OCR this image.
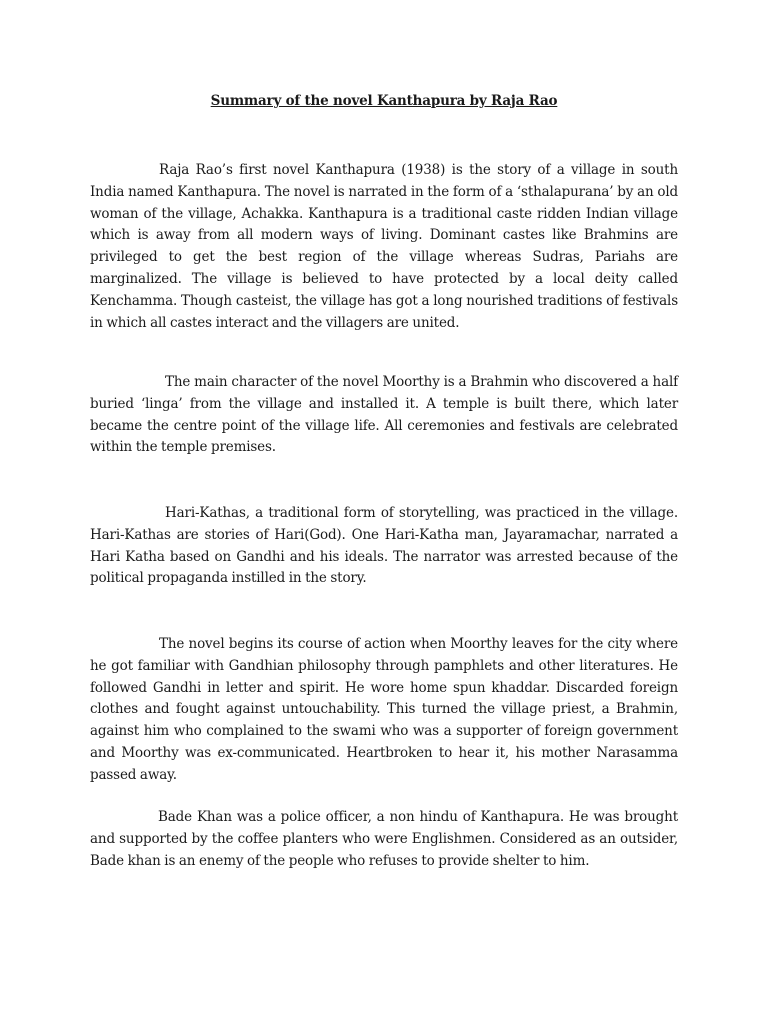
Summary of the novel Kanthapura by Raja Rao

Raja Rao’s first novel Kanthapura (1938) is the story of a village in south India named Kanthapura. The novel is narrated in the form of a ‘sthalapurana’ by an old woman of the village, Achakka. Kanthapura is a traditional caste ridden Indian village which is away from all modern ways of living. Dominant castes like Brahmins are privileged to get the best region of the village whereas Sudras, Pariahs are marginalized. The village is believed to have protected by a local deity called Kenchamma. Though casteist, the village has got a long nourished traditions of festivals in which all castes interact and the villagers are united.

The main character of the novel Moorthy is a Brahmin who discovered a half buried ‘linga’ from the village and installed it. A temple is built there, which later became the centre point of the village life. All ceremonies and festivals are celebrated within the temple premises.

Hari-Kathas, a traditional form of storytelling, was practiced in the village. Hari-Kathas are stories of Hari(God). One Hari-Katha man, Jayaramachar, narrated a Hari Katha based on Gandhi and his ideals. The narrator was arrested because of the political propaganda instilled in the story.

The novel begins its course of action when Moorthy leaves for the city where he got familiar with Gandhian philosophy through pamphlets and other literatures. He followed Gandhi in letter and spirit. He wore home spun khaddar. Discarded foreign clothes and fought against untouchability. This turned the village priest, a Brahmin, against him who complained to the swami who was a supporter of foreign government and Moorthy was ex-communicated. Heartbroken to hear it, his mother Narasamma passed away.

Bade Khan was a police officer, a non hindu of Kanthapura. He was brought and supported by the coffee planters who were Englishmen. Considered as an outsider, Bade khan is an enemy of the people who refuses to provide shelter to him.
